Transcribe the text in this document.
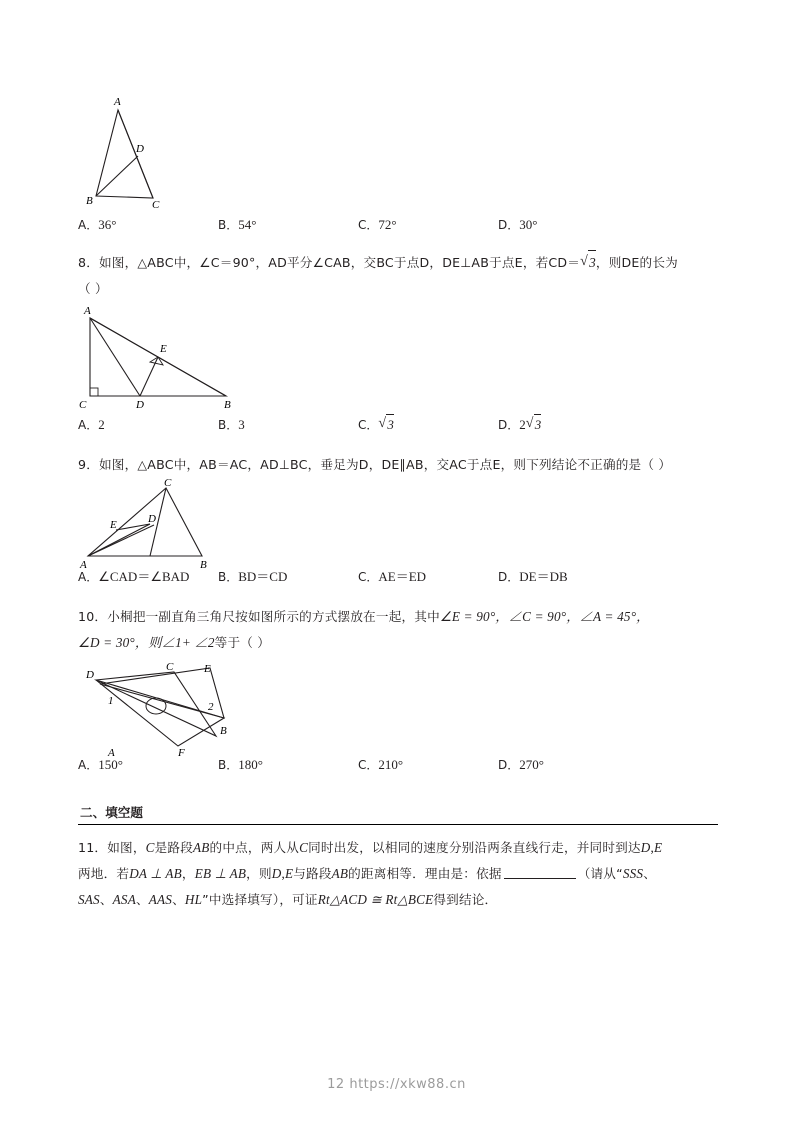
A
D
B	C
A．36°	B．54°	C．72°	D．30°
8．如图，△ABC中，∠C＝90°，AD平分∠CAB，交BC于点D，DE⊥AB于点E，若CD＝ √ 3，则DE的长为
（ ）
A
E
C	D	B
A．2	B．3	C． √ 3	D．2 √ 3
9．如图，△ABC中，AB＝AC，AD⊥BC，垂足为D，DE∥AB，交AC于点E，则下列结论不正确的是（ ）
C
E	D
A	B
A．∠CAD＝∠BAD	B．BD＝CD	C．AE＝ED	D．DE＝DB
10．小桐把一副直角三角尺按如图所示的方式摆放在一起，其中∠E = 90°，∠C = 90°，∠A = 45°，
∠D = 30°，则∠1+ ∠2等于（ ）
D
C	E
1	2
A	F
B
A．150°	B．180°	C．210°	D．270°
二、填空题
11．如图，C是路段AB的中点，两人从C同时出发，以相同的速度分别沿两条直线行走，并同时到达D,E
两地．若DA ⊥ AB，EB ⊥ AB，则D,E与路段AB的距离相等．理由是：依据	（请从“SSS、
SAS、ASA、AAS、HL”中选择填写），可证Rt△ACD ≅ Rt△BCE得到结论．
12 https://xkw88.cn
